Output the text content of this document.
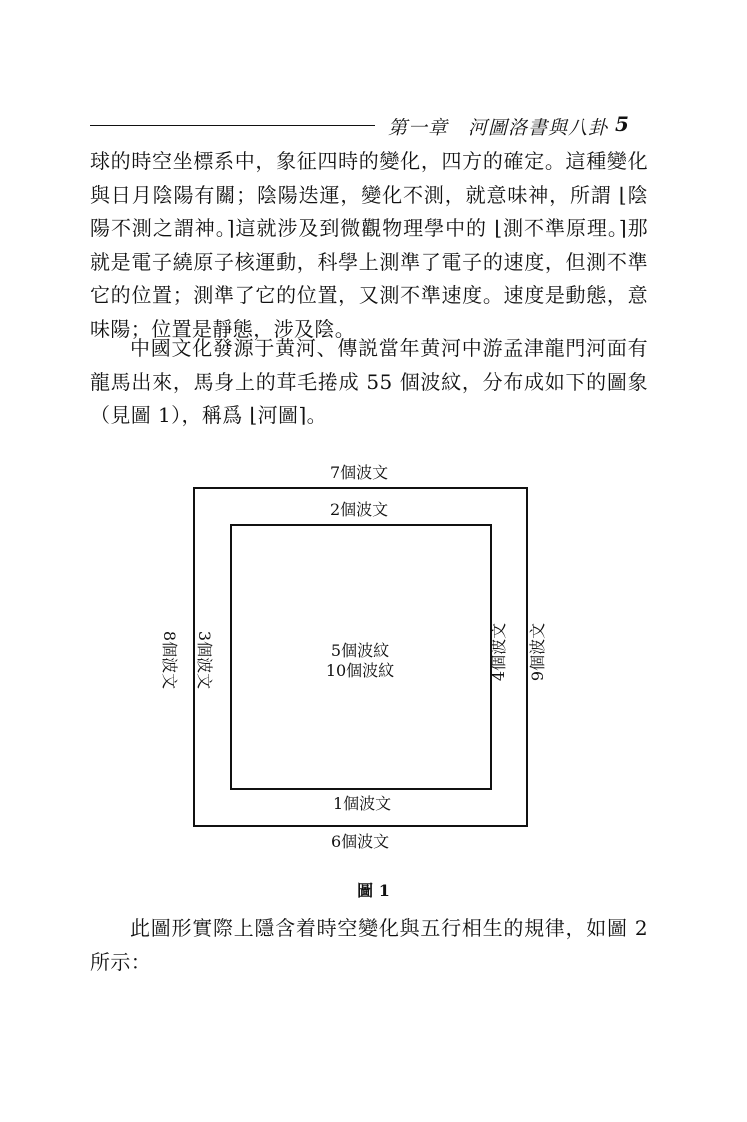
第一章　河圖洛書與八卦 5
球的時空坐標系中，象征四時的變化，四方的確定。這種變化與日月陰陽有關；陰陽迭運，變化不測，就意味神，所謂 ⌊陰陽不測之謂神。⌉這就涉及到微觀物理學中的 ⌊測不準原理。⌉那就是電子繞原子核運動，科學上測準了電子的速度，但測不準它的位置；測準了它的位置，又測不準速度。速度是動態，意味陽；位置是靜態，涉及陰。
中國文化發源于黄河、傳説當年黄河中游孟津龍門河面有龍馬出來，馬身上的茸毛捲成 55 個波紋，分布成如下的圖象（見圖 1），稱爲 ⌊河圖⌉。
7個波文
2個波文
1個波文
6個波文
8個波文 3個波文	4個波文 9個波文
5個波紋
10個波紋
圖 1
此圖形實際上隱含着時空變化與五行相生的規律，如圖 2 所示：
